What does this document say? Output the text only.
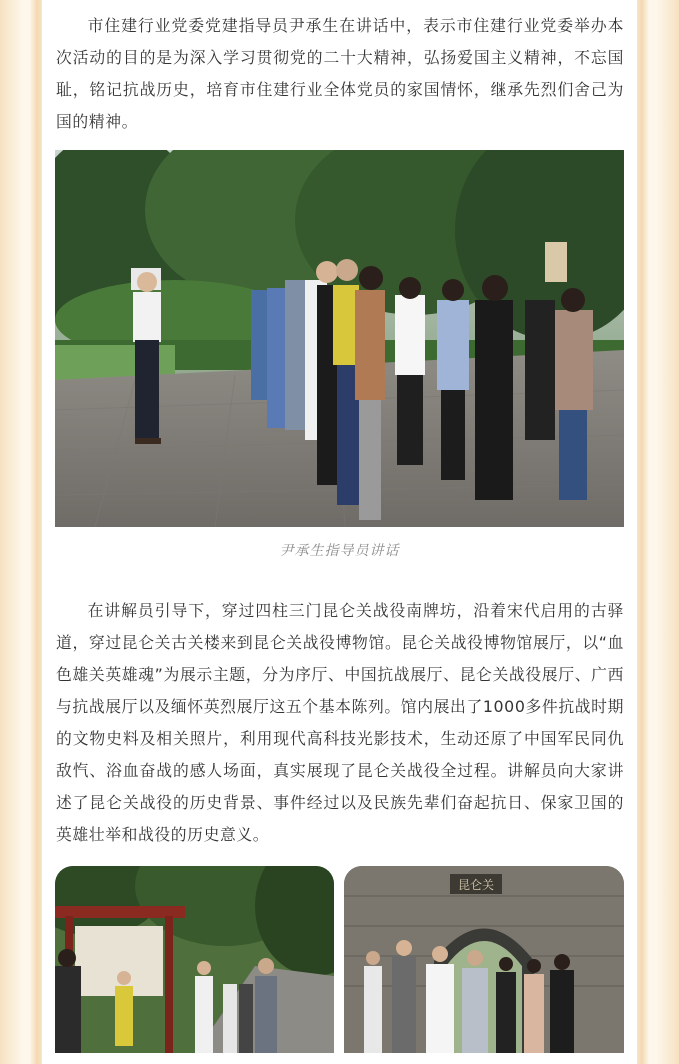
市住建行业党委党建指导员尹承生在讲话中，表示市住建行业党委举办本次活动的目的是为深入学习贯彻党的二十大精神，弘扬爱国主义精神，不忘国耻，铭记抗战历史，培育市住建行业全体党员的家国情怀，继承先烈们舍己为国的精神。

尹承生指导员讲话

在讲解员引导下，穿过四柱三门昆仑关战役南牌坊，沿着宋代启用的古驿道，穿过昆仑关古关楼来到昆仑关战役博物馆。昆仑关战役博物馆展厅，以“血色雄关英雄魂”为展示主题，分为序厅、中国抗战展厅、昆仑关战役展厅、广西与抗战展厅以及缅怀英烈展厅这五个基本陈列。馆内展出了1000多件抗战时期的文物史料及相关照片，利用现代高科技光影技术，生动还原了中国军民同仇敌忾、浴血奋战的感人场面，真实展现了昆仑关战役全过程。讲解员向大家讲述了昆仑关战役的历史背景、事件经过以及民族先辈们奋起抗日、保家卫国的英雄壮举和战役的历史意义。

昆仑关
